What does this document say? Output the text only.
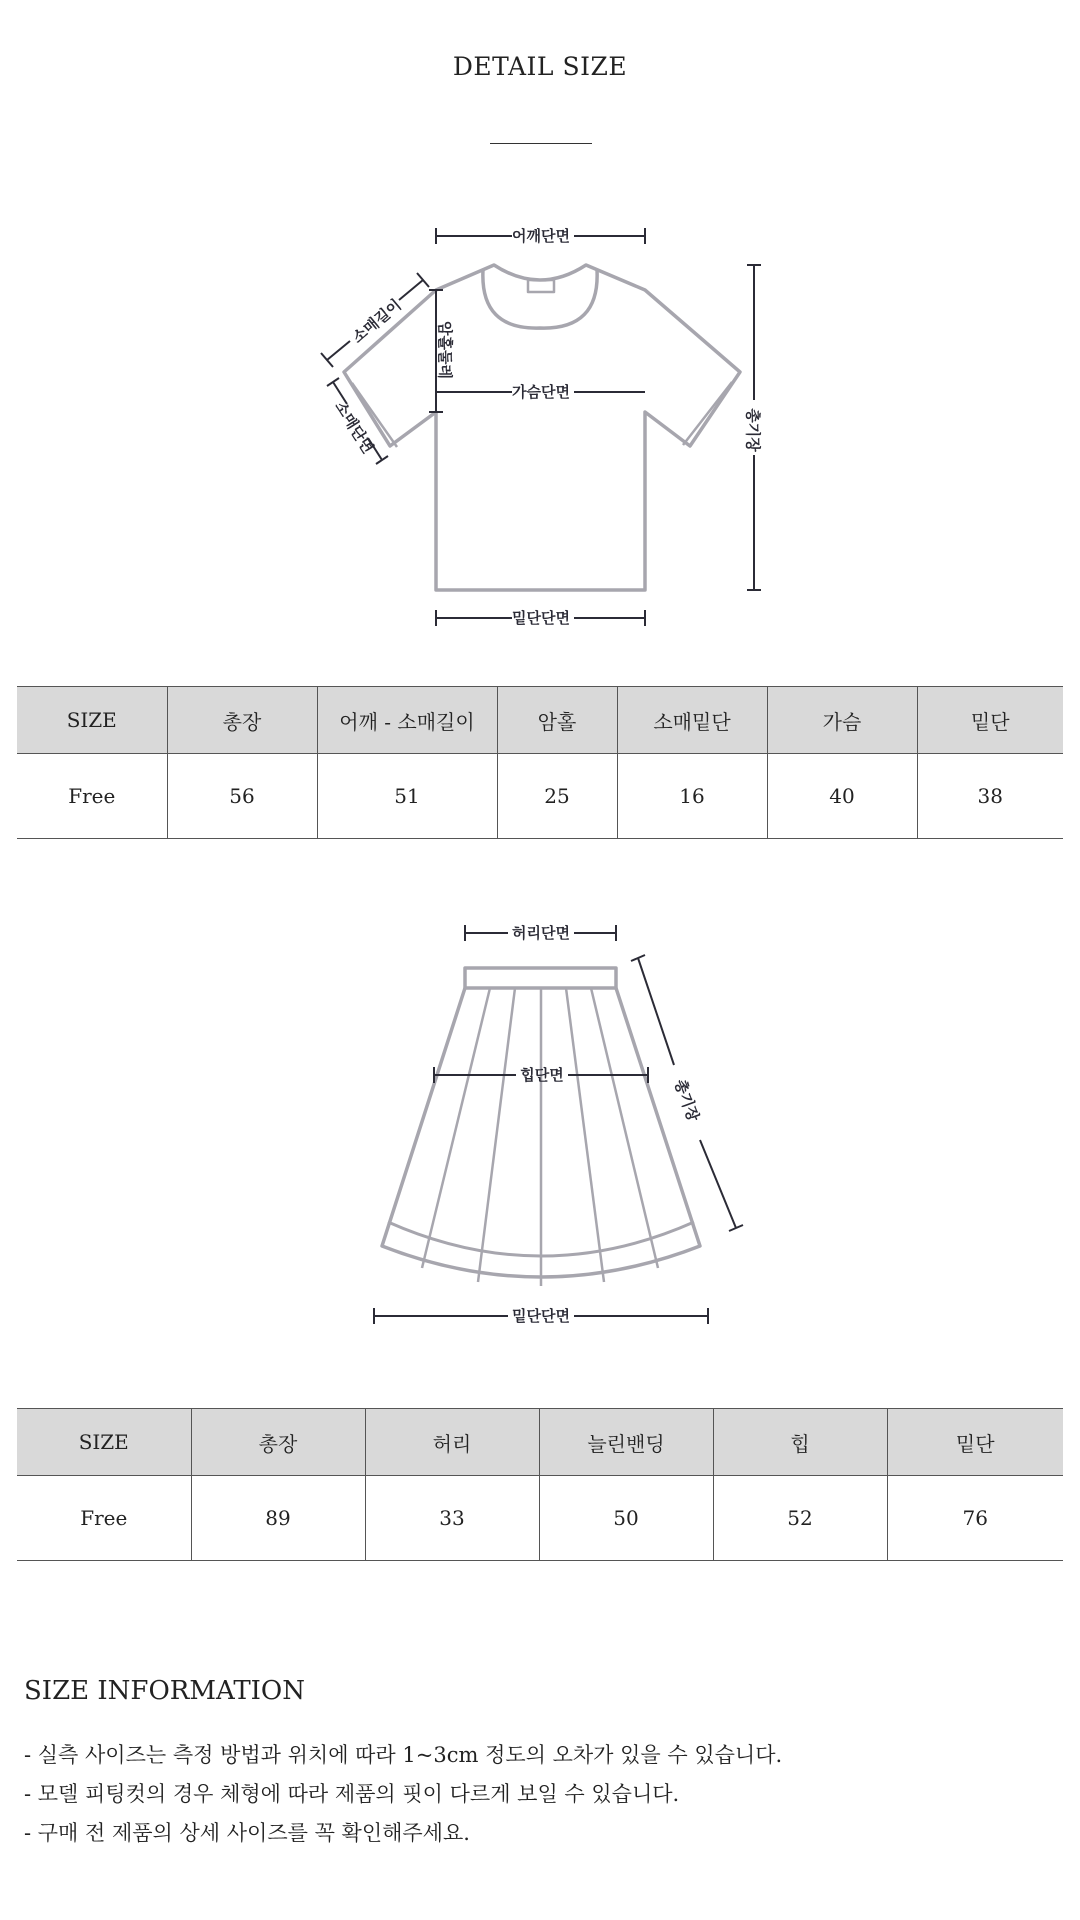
DETAIL SIZE
어깨단면
가슴단면
밑단단면
총기장
암홀둘레
소매길이
소매단면
SIZE	총장	어깨 - 소매길이	암홀	소매밑단	가슴	밑단
Free	56	51	25	16	40	38
허리단면
힙단면
밑단단면
총기장
SIZE	총장	허리	늘린밴딩	힙	밑단
Free	89	33	50	52	76
SIZE INFORMATION
- 실측 사이즈는 측정 방법과 위치에 따라 1~3cm 정도의 오차가 있을 수 있습니다.
- 모델 피팅컷의 경우 체형에 따라 제품의 핏이 다르게 보일 수 있습니다.
- 구매 전 제품의 상세 사이즈를 꼭 확인해주세요.
